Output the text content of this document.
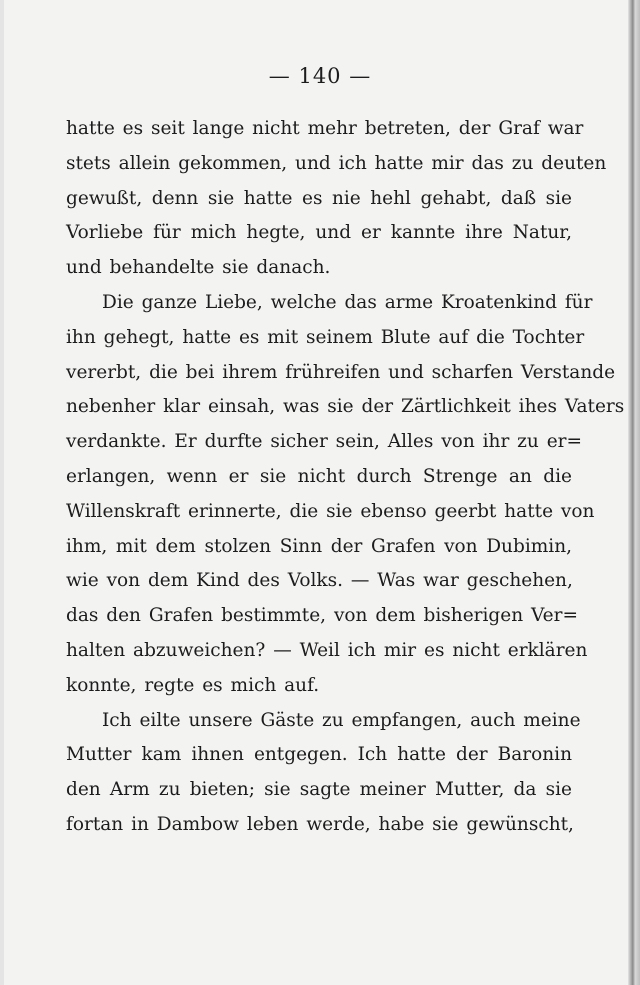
— 140 —
hatte es seit lange nicht mehr betreten, der Graf war
stets allein gekommen, und ich hatte mir das zu deuten
gewußt, denn sie hatte es nie hehl gehabt, daß sie
Vorliebe für mich hegte, und er kannte ihre Natur,
und behandelte sie danach.
Die ganze Liebe, welche das arme Kroatenkind für
ihn gehegt, hatte es mit seinem Blute auf die Tochter
vererbt, die bei ihrem frühreifen und scharfen Verstande
nebenher klar einsah, was sie der Zärtlichkeit ihes Vaters
verdankte. Er durfte sicher sein, Alles von ihr zu er=
erlangen, wenn er sie nicht durch Strenge an die
Willenskraft erinnerte, die sie ebenso geerbt hatte von
ihm, mit dem stolzen Sinn der Grafen von Dubimin,
wie von dem Kind des Volks. — Was war geschehen,
das den Grafen bestimmte, von dem bisherigen Ver=
halten abzuweichen? — Weil ich mir es nicht erklären
konnte, regte es mich auf.
Ich eilte unsere Gäste zu empfangen, auch meine
Mutter kam ihnen entgegen. Ich hatte der Baronin
den Arm zu bieten; sie sagte meiner Mutter, da sie
fortan in Dambow leben werde, habe sie gewünscht,
